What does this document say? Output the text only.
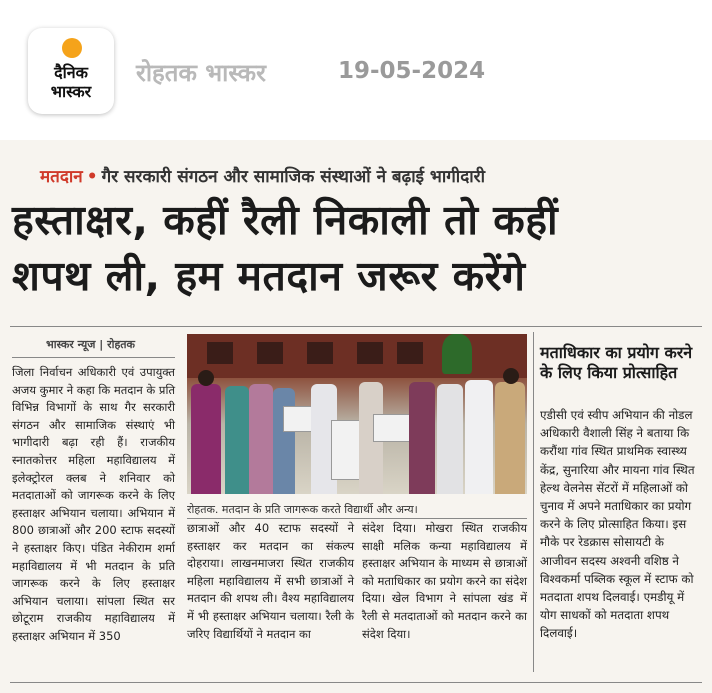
दैनिक
भास्कर
रोहतक भास्कर	19-05-2024
मतदान • गैर सरकारी संगठन और सामाजिक संस्थाओं ने बढ़ाई भागीदारी
हस्ताक्षर, कहीं रैली निकाली तो कहीं
शपथ ली, हम मतदान जरूर करेंगे
भास्कर न्यूज | रोहतक
जिला निर्वाचन अधिकारी एवं उपायुक्त अजय कुमार ने कहा कि मतदान के प्रति विभिन्न विभागों के साथ गैर सरकारी संगठन और सामाजिक संस्थाएं भी भागीदारी बढ़ा रही हैं। राजकीय स्नातकोत्तर महिला महाविद्यालय में इलेक्ट्रोरल क्लब ने शनिवार को मतदाताओं को जागरूक करने के लिए हस्ताक्षर अभियान चलाया। अभियान में 800 छात्राओं और 200 स्टाफ सदस्यों ने हस्ताक्षर किए। पंडित नेकीराम शर्मा महाविद्यालय में भी मतदान के प्रति जागरूक करने के लिए हस्ताक्षर अभियान चलाया। सांपला स्थित सर छोटूराम राजकीय महाविद्यालय में हस्ताक्षर अभियान में 350
रोहतक. मतदान के प्रति जागरूक करते विद्यार्थी और अन्य।
छात्राओं और 40 स्टाफ सदस्यों ने हस्ताक्षर कर मतदान का संकल्प दोहराया। लाखनमाजरा स्थित राजकीय महिला महाविद्यालय में सभी छात्राओं ने मतदान की शपथ ली। वैश्य महाविद्यालय में भी हस्ताक्षर अभियान चलाया। रैली के जरिए विद्यार्थियों ने मतदान का
संदेश दिया। मोखरा स्थित राजकीय साक्षी मलिक कन्या महाविद्यालय में हस्ताक्षर अभियान के माध्यम से छात्राओं को मताधिकार का प्रयोग करने का संदेश दिया। खेल विभाग ने सांपला खंड में रैली से मतदाताओं को मतदान करने का संदेश दिया।
मताधिकार का प्रयोग करने के लिए किया प्रोत्साहित
एडीसी एवं स्वीप अभियान की नोडल अधिकारी वैशाली सिंह ने बताया कि करौंथा गांव स्थित प्राथमिक स्वास्थ्य केंद्र, सुनारिया और मायना गांव स्थित हेल्थ वेलनेस सेंटरों में महिलाओं को चुनाव में अपने मताधिकार का प्रयोग करने के लिए प्रोत्साहित किया। इस मौके पर रेडक्रास सोसायटी के आजीवन सदस्य अश्वनी वशिष्ठ ने विश्वकर्मा पब्लिक स्कूल में स्टाफ को मतदाता शपथ दिलवाई। एमडीयू में योग साधकों को मतदाता शपथ दिलवाई।
